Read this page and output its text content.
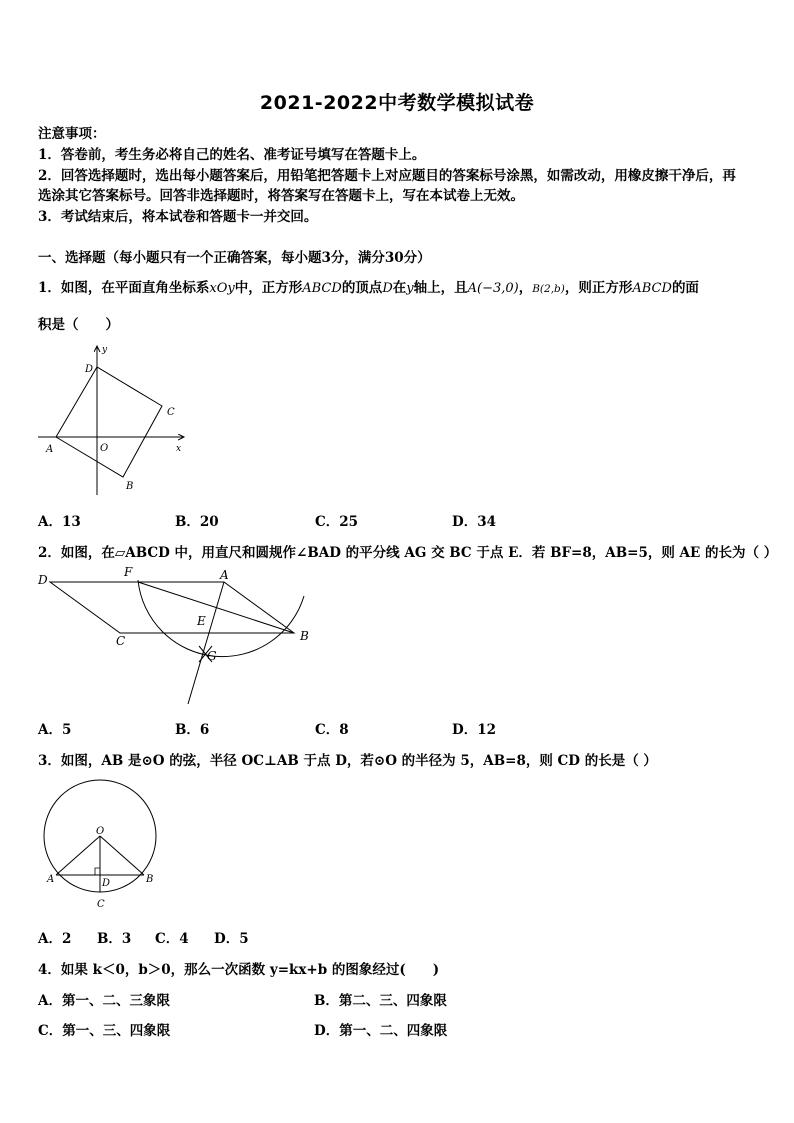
2021-2022中考数学模拟试卷
注意事项：
1．答卷前，考生务必将自己的姓名、准考证号填写在答题卡上。
2．回答选择题时，选出每小题答案后，用铅笔把答题卡上对应题目的答案标号涂黑，如需改动，用橡皮擦干净后，再
选涂其它答案标号。回答非选择题时，将答案写在答题卡上，写在本试卷上无效。
3．考试结束后，将本试卷和答题卡一并交回。
一、选择题（每小题只有一个正确答案，每小题3分，满分30分）
1．如图，在平面直角坐标系xOy中，正方形ABCD的顶点D在y轴上，且A(−3,0)，B(2,b)，则正方形ABCD的面
积是（　　）
y
x
D
C
A	O
B
A．13	B．20	C．25	D．34
2．如图，在▱ABCD 中，用直尺和圆规作∠BAD 的平分线 AG 交 BC 于点 E．若 BF=8，AB=5，则 AE 的长为（ ）
D
F	A
E
C	B
G
A．5	B．6	C．8	D．12
3．如图，AB 是⊙O 的弦，半径 OC⊥AB 于点 D，若⊙O 的半径为 5，AB=8，则 CD 的长是（ ）
O
A	D	B
C
A．2 B．3 C．4 D．5
4．如果 k＜0，b＞0，那么一次函数 y=kx+b 的图象经过(　　)
A．第一、二、三象限	B．第二、三、四象限
C．第一、三、四象限	D．第一、二、四象限
